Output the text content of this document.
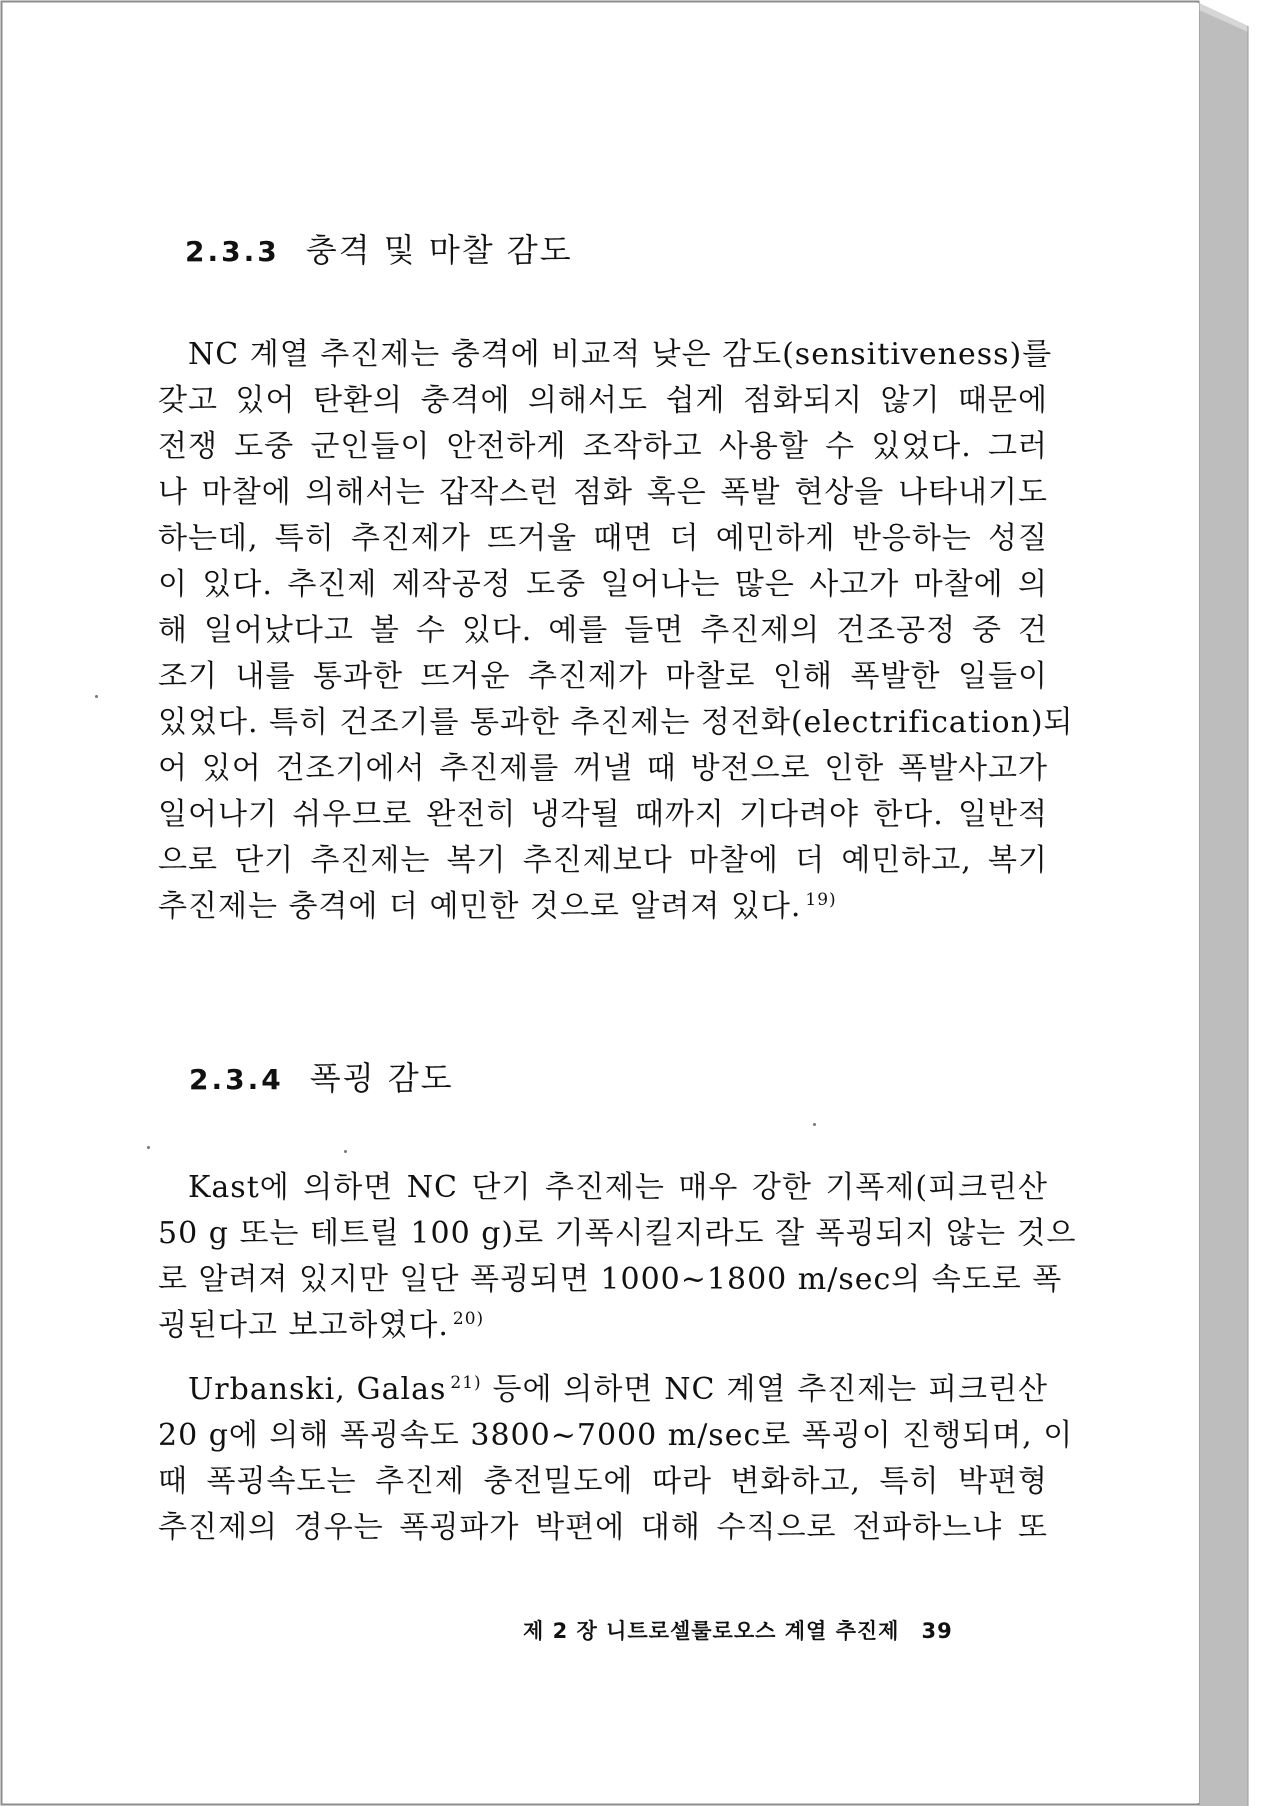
2.3.3 충격 및 마찰 감도
NC 계열 추진제는 충격에 비교적 낮은 감도(sensitiveness)를
갖고 있어 탄환의 충격에 의해서도 쉽게 점화되지 않기 때문에
전쟁 도중 군인들이 안전하게 조작하고 사용할 수 있었다. 그러
나 마찰에 의해서는 갑작스런 점화 혹은 폭발 현상을 나타내기도
하는데, 특히 추진제가 뜨거울 때면 더 예민하게 반응하는 성질
이 있다. 추진제 제작공정 도중 일어나는 많은 사고가 마찰에 의
해 일어났다고 볼 수 있다. 예를 들면 추진제의 건조공정 중 건
조기 내를 통과한 뜨거운 추진제가 마찰로 인해 폭발한 일들이
있었다. 특히 건조기를 통과한 추진제는 정전화(electrification)되
어 있어 건조기에서 추진제를 꺼낼 때 방전으로 인한 폭발사고가
일어나기 쉬우므로 완전히 냉각될 때까지 기다려야 한다. 일반적
으로 단기 추진제는 복기 추진제보다 마찰에 더 예민하고, 복기
추진제는 충격에 더 예민한 것으로 알려져 있다. $^{19)}$
2.3.4 폭굉 감도
Kast에 의하면 NC 단기 추진제는 매우 강한 기폭제(피크린산
50 g 또는 테트릴 100 g)로 기폭시킬지라도 잘 폭굉되지 않는 것으
로 알려져 있지만 일단 폭굉되면 1000~1800 m/sec의 속도로 폭
굉된다고 보고하였다. $^{20)}$
Urbanski, Galas $^{21)}$ 등에 의하면 NC 계열 추진제는 피크린산
20 g에 의해 폭굉속도 3800~7000 m/sec로 폭굉이 진행되며, 이
때 폭굉속도는 추진제 충전밀도에 따라 변화하고, 특히 박편형
추진제의 경우는 폭굉파가 박편에 대해 수직으로 전파하느냐 또
제 2 장 니트로셀룰로오스 계열 추진제 39
